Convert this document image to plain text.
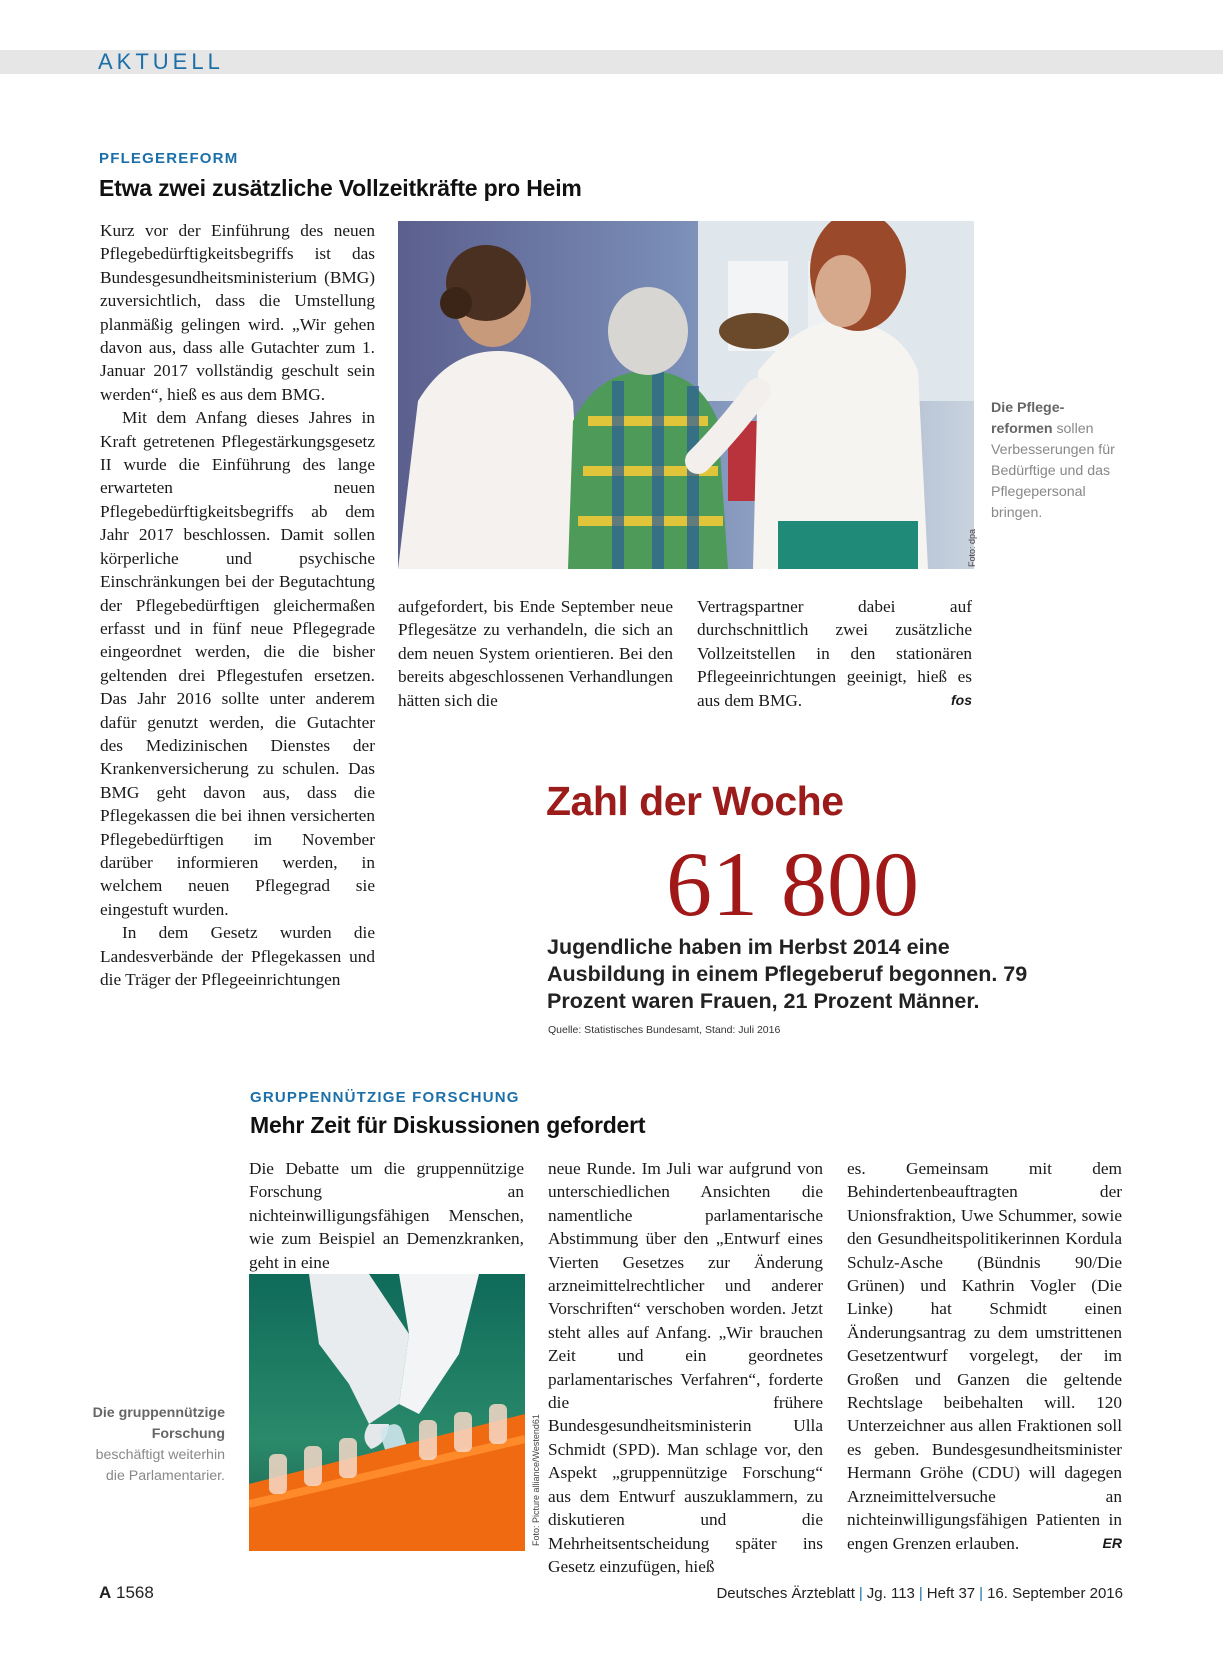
AKTUELL
PFLEGEREFORM
Etwa zwei zusätzliche Vollzeitkräfte pro Heim

Kurz vor der Einführung des neuen Pflegebedürftigkeitsbegriffs ist das Bundesgesundheitsministerium (BMG) zuversichtlich, dass die Umstellung planmäßig gelingen wird. „Wir gehen davon aus, dass alle Gutachter zum 1. Januar 2017 vollständig geschult sein werden“, hieß es aus dem BMG.

Mit dem Anfang dieses Jahres in Kraft getretenen Pflegestärkungsgesetz II wurde die Einführung des lange erwarteten neuen Pflegebedürftigkeitsbegriffs ab dem Jahr 2017 beschlossen. Damit sollen körperliche und psychische Einschränkungen bei der Begutachtung der Pflegebedürftigen gleichermaßen erfasst und in fünf neue Pflegegrade eingeordnet werden, die die bisher geltenden drei Pflegestufen ersetzen. Das Jahr 2016 sollte unter anderem dafür genutzt werden, die Gutachter des Medizinischen Dienstes der Krankenversicherung zu schulen. Das BMG geht davon aus, dass die Pflegekassen die bei ihnen versicherten Pflegebedürftigen im November darüber informieren werden, in welchem neuen Pflegegrad sie eingestuft wurden.

In dem Gesetz wurden die Landesverbände der Pflegekassen und die Träger der Pflegeeinrichtungen

Foto: dpa
Die Pflege-reformen sollen Verbesserungen für Bedürftige und das Pflegepersonal bringen.

aufgefordert, bis Ende September neue Pflegesätze zu verhandeln, die sich an dem neuen System orientieren. Bei den bereits abgeschlossenen Verhandlungen hätten sich die

Vertragspartner dabei auf durchschnittlich zwei zusätzliche Vollzeitstellen in den stationären Pflegeeinrichtungen geeinigt, hieß es aus dem BMG.	fos

Zahl der Woche
61 800
Jugendliche haben im Herbst 2014 eine Ausbildung in einem Pflegeberuf begonnen. 79 Prozent waren Frauen, 21 Prozent Männer.
Quelle: Statistisches Bundesamt, Stand: Juli 2016
GRUPPENNÜTZIGE FORSCHUNG
Mehr Zeit für Diskussionen gefordert

Die Debatte um die gruppennützige Forschung an nichteinwilligungsfähigen Menschen, wie zum Beispiel an Demenzkranken, geht in eine

Foto: Picture alliance/Westend61
Die gruppennützige Forschung
beschäftigt weiterhin die Parlamentarier.

neue Runde. Im Juli war aufgrund von unterschiedlichen Ansichten die namentliche parlamentarische Abstimmung über den „Entwurf eines Vierten Gesetzes zur Änderung arzneimittelrechtlicher und anderer Vorschriften“ verschoben worden. Jetzt steht alles auf Anfang. „Wir brauchen Zeit und ein geordnetes parlamentarisches Verfahren“, forderte die frühere Bundesgesundheitsministerin Ulla Schmidt (SPD). Man schlage vor, den Aspekt „gruppennützige Forschung“ aus dem Entwurf auszuklammern, zu diskutieren und die Mehrheitsentscheidung später ins Gesetz einzufügen, hieß

es. Gemeinsam mit dem Behindertenbeauftragten der Unionsfraktion, Uwe Schummer, sowie den Gesundheitspolitikerinnen Kordula Schulz-Asche (Bündnis 90/Die Grünen) und Kathrin Vogler (Die Linke) hat Schmidt einen Änderungsantrag zu dem umstrittenen Gesetzentwurf vorgelegt, der im Großen und Ganzen die geltende Rechtslage beibehalten will. 120 Unterzeichner aus allen Fraktionen soll es geben. Bundesgesundheitsminister Hermann Gröhe (CDU) will dagegen Arzneimittelversuche an nichteinwilligungsfähigen Patienten in engen Grenzen erlauben.	ER

A 1568	Deutsches Ärzteblatt | Jg. 113 | Heft 37 | 16. September 2016
